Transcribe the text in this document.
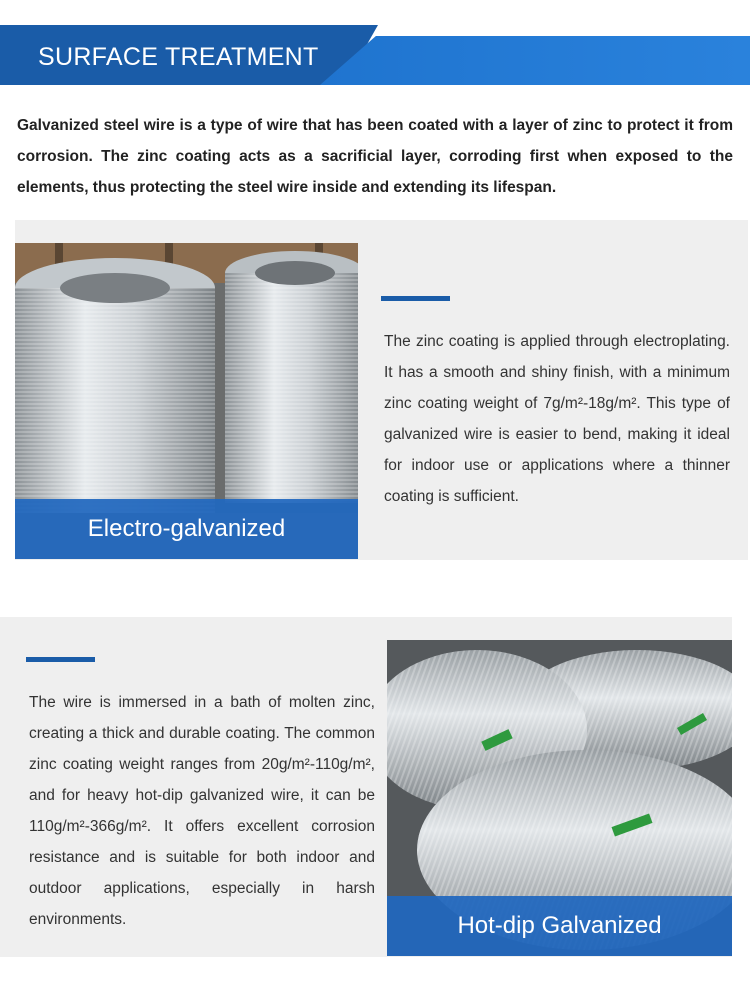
SURFACE TREATMENT

Galvanized steel wire is a type of wire that has been coated with a layer of zinc to protect it from corrosion. The zinc coating acts as a sacrificial layer, corroding first when exposed to the elements, thus protecting the steel wire inside and extending its lifespan.

Electro-galvanized

The zinc coating is applied through electroplating. It has a smooth and shiny finish, with a minimum zinc coating weight of 7g/m²-18g/m². This type of galvanized wire is easier to bend, making it ideal for indoor use or applications where a thinner coating is sufficient.

The wire is immersed in a bath of molten zinc, creating a thick and durable coating. The common zinc coating weight ranges from 20g/m²-110g/m², and for heavy hot-dip galvanized wire, it can be 110g/m²-366g/m². It offers excellent corrosion resistance and is suitable for both indoor and outdoor applications, especially in harsh environments.	Hot-dip Galvanized
